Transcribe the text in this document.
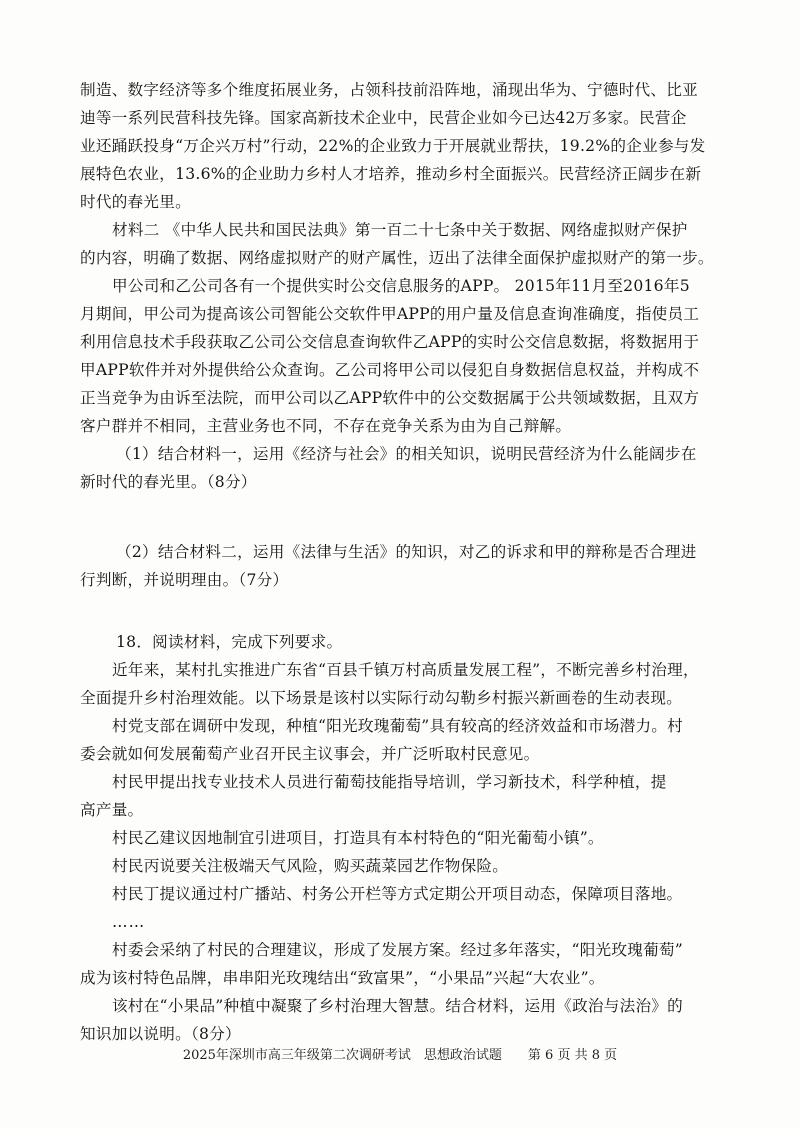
制造、数字经济等多个维度拓展业务，占领科技前沿阵地，涌现出华为、宁德时代、比亚
迪等一系列民营科技先锋。国家高新技术企业中，民营企业如今已达42万多家。民营企
业还踊跃投身“万企兴万村”行动，22%的企业致力于开展就业帮扶，19.2%的企业参与发
展特色农业，13.6%的企业助力乡村人才培养，推动乡村全面振兴。民营经济正阔步在新
时代的春光里。
材料二 《中华人民共和国民法典》第一百二十七条中关于数据、网络虚拟财产保护
的内容，明确了数据、网络虚拟财产的财产属性，迈出了法律全面保护虚拟财产的第一步。
甲公司和乙公司各有一个提供实时公交信息服务的APP。 2015年11月至2016年5
月期间，甲公司为提高该公司智能公交软件甲APP的用户量及信息查询准确度，指使员工
利用信息技术手段获取乙公司公交信息查询软件乙APP的实时公交信息数据，将数据用于
甲APP软件并对外提供给公众查询。乙公司将甲公司以侵犯自身数据信息权益，并构成不
正当竞争为由诉至法院，而甲公司以乙APP软件中的公交数据属于公共领域数据，且双方
客户群并不相同，主营业务也不同，不存在竞争关系为由为自己辩解。
（1）结合材料一，运用《经济与社会》的相关知识，说明民营经济为什么能阔步在
新时代的春光里。（8分）
（2）结合材料二，运用《法律与生活》的知识，对乙的诉求和甲的辩称是否合理进
行判断，并说明理由。（7分）
18．阅读材料，完成下列要求。
近年来，某村扎实推进广东省“百县千镇万村高质量发展工程”，不断完善乡村治理，
全面提升乡村治理效能。以下场景是该村以实际行动勾勒乡村振兴新画卷的生动表现。
村党支部在调研中发现，种植“阳光玫瑰葡萄”具有较高的经济效益和市场潜力。村
委会就如何发展葡萄产业召开民主议事会，并广泛听取村民意见。
村民甲提出找专业技术人员进行葡萄技能指导培训，学习新技术，科学种植，提
高产量。
村民乙建议因地制宜引进项目，打造具有本村特色的“阳光葡萄小镇”。
村民丙说要关注极端天气风险，购买蔬菜园艺作物保险。
村民丁提议通过村广播站、村务公开栏等方式定期公开项目动态，保障项目落地。
……
村委会采纳了村民的合理建议，形成了发展方案。经过多年落实，“阳光玫瑰葡萄”
成为该村特色品牌，串串阳光玫瑰结出“致富果”，“小果品”兴起“大农业”。
该村在“小果品”种植中凝聚了乡村治理大智慧。结合材料，运用《政治与法治》的
知识加以说明。（8分）
2025年深圳市高三年级第二次调研考试　思想政治试题　　第 6 页 共 8 页
